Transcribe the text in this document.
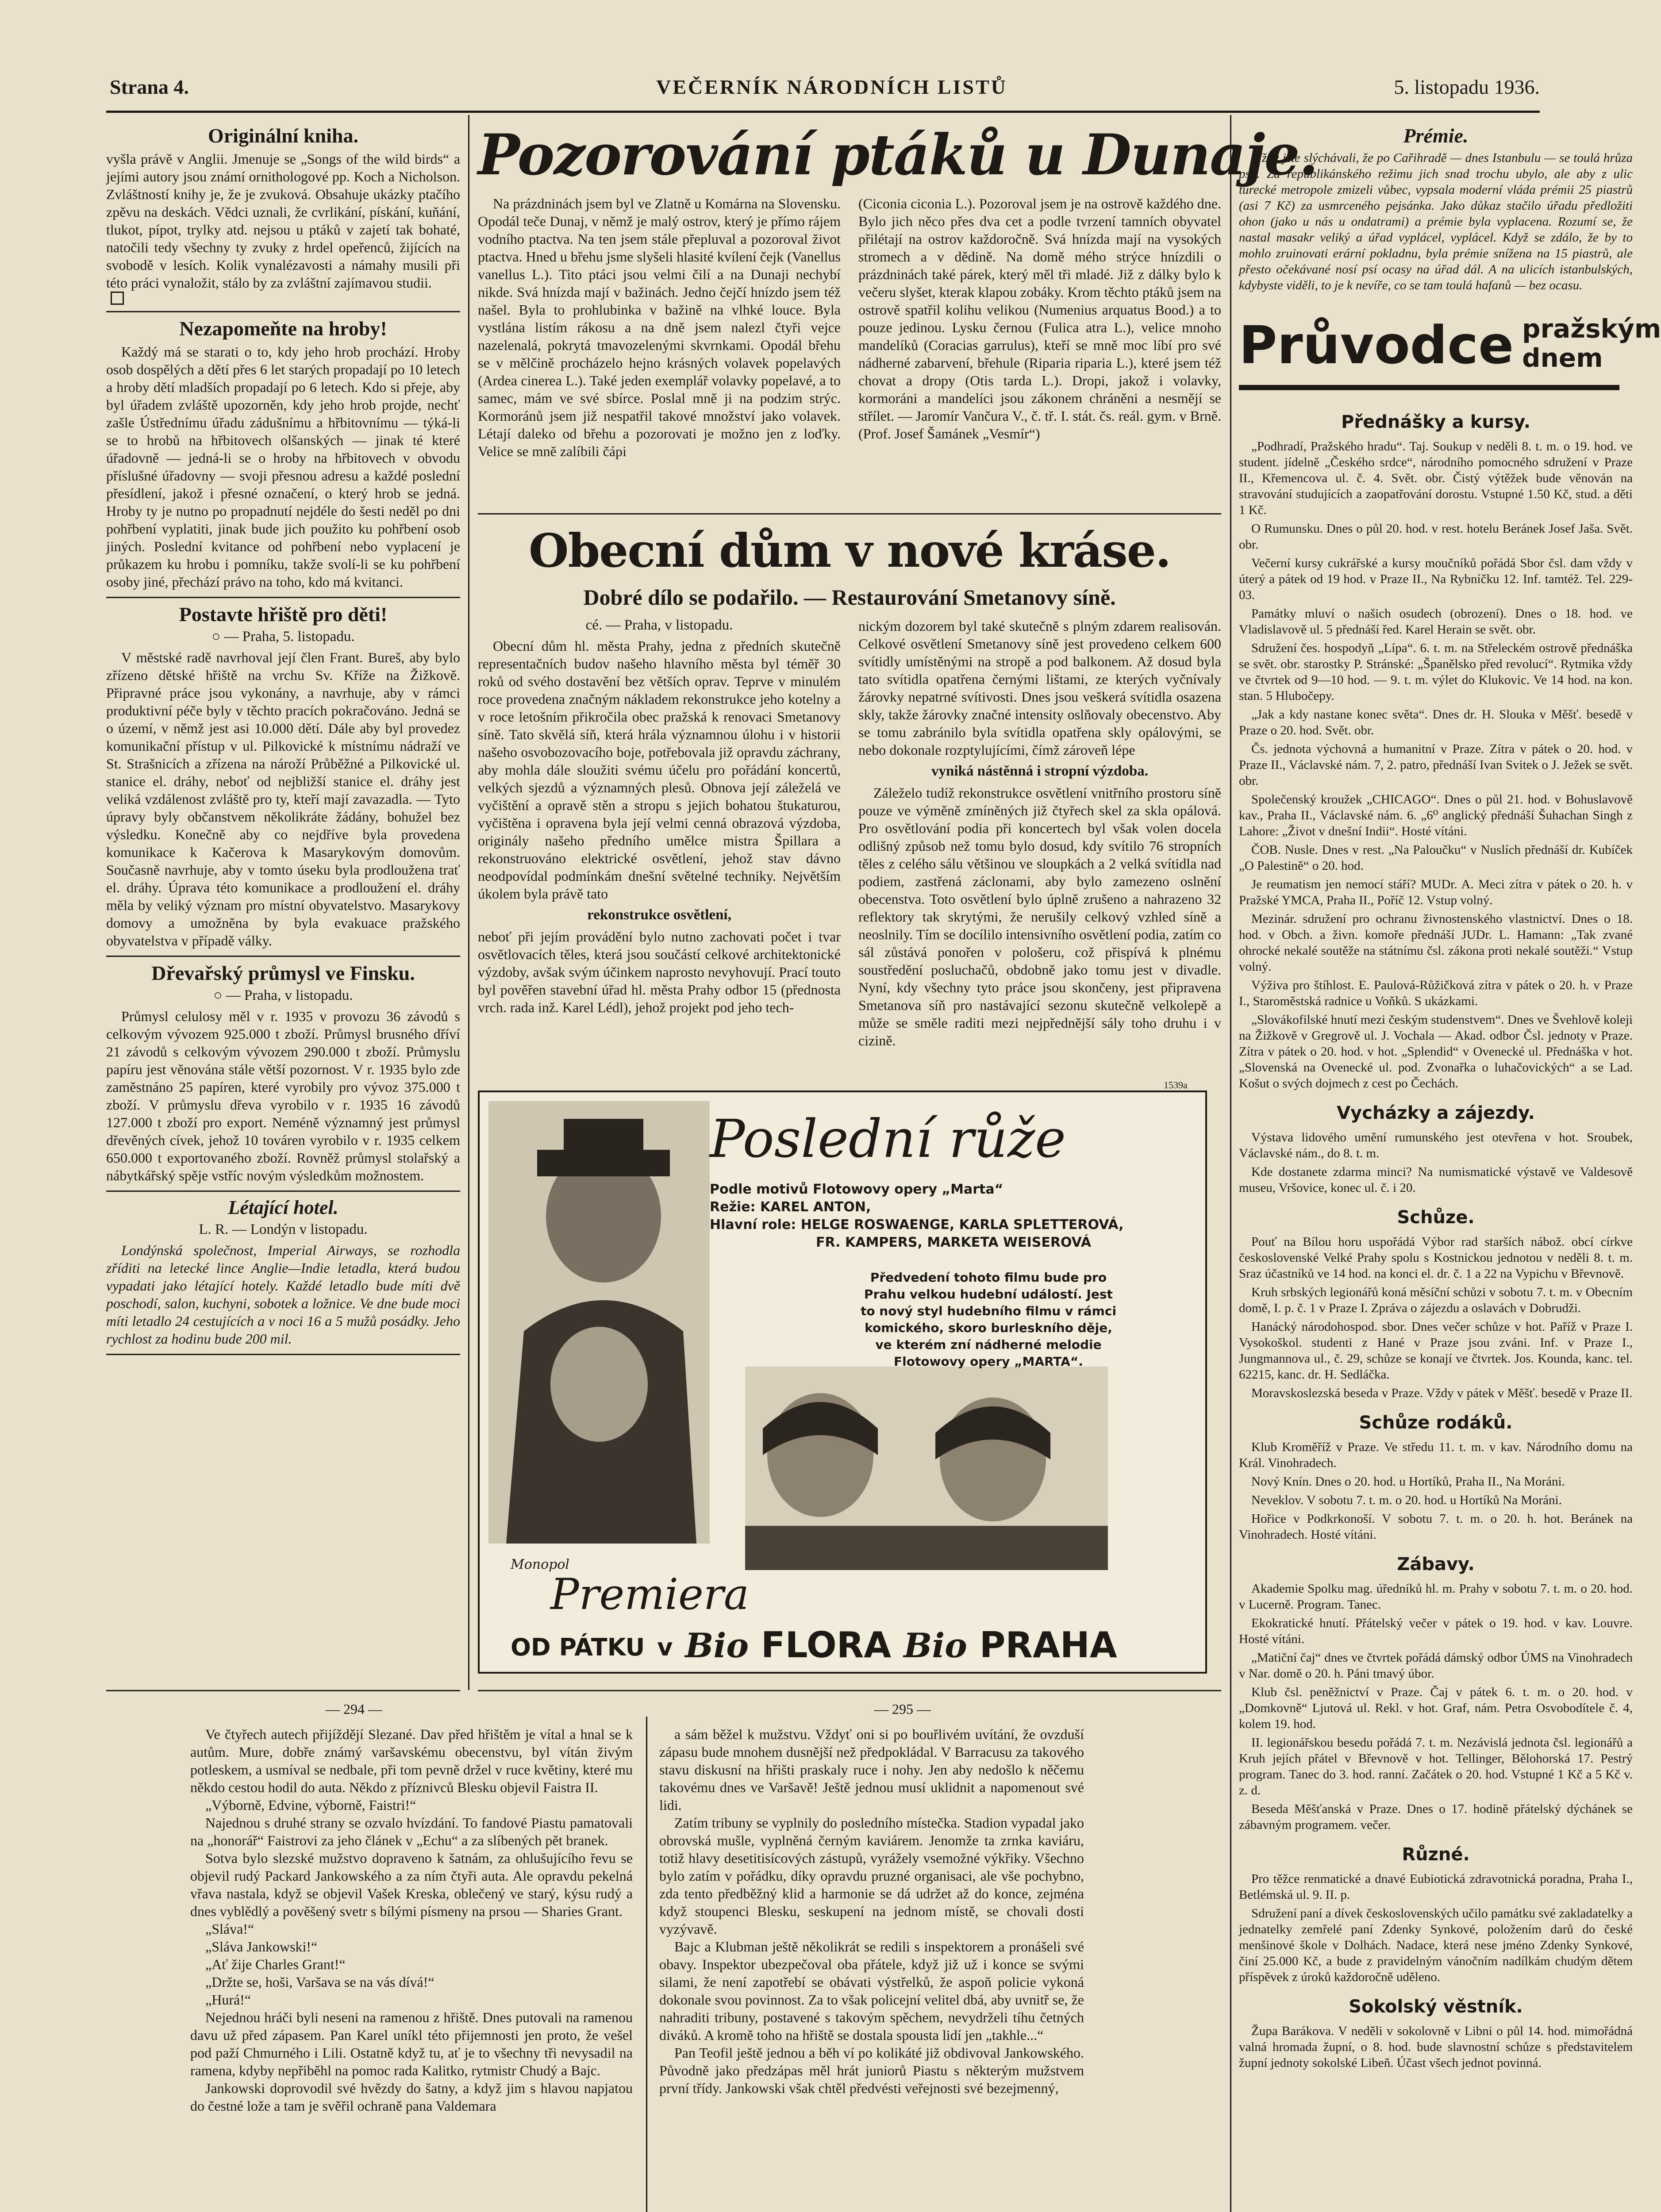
Strana 4.	VEČERNÍK NÁRODNÍCH LISTŮ	5. listopadu 1936.
Originální kniha.

vyšla právě v Anglii. Jmenuje se „Songs of the wild birds“ a jejími autory jsou známí ornithologové pp. Koch a Nicholson. Zvláštností knihy je, že je zvuková. Obsahuje ukázky ptačího zpěvu na deskách. Vědci uznali, že cvrlikání, pískání, kuňání, tlukot, pípot, trylky atd. nejsou u ptáků v zajetí tak bohaté, natočili tedy všechny ty zvuky z hrdel opeřenců, žijících na svobodě v lesích. Kolik vynalézavosti a námahy musili při této práci vynaložit, stálo by za zvláštní zajímavou studii.

Nezapomeňte na hroby!

Každý má se starati o to, kdy jeho hrob prochází. Hroby osob dospělých a dětí přes 6 let starých propadají po 10 letech a hroby dětí mladších propadají po 6 letech. Kdo si přeje, aby byl úřadem zvláště upozorněn, kdy jeho hrob projde, nechť zašle Ústřednímu úřadu zádušnímu a hřbitovnímu — týká-li se to hrobů na hřbitovech olšanských — jinak té které úřadovně — jedná-li se o hroby na hřbitovech v obvodu příslušné úřadovny — svoji přesnou adresu a každé poslední přesídlení, jakož i přesné označení, o který hrob se jedná. Hroby ty je nutno po propadnutí nejdéle do šesti neděl po dni pohřbení vyplatiti, jinak bude jich použito ku pohřbení osob jiných. Poslední kvitance od pohřbení nebo vyplacení je průkazem ku hrobu i pomníku, takže svolí-li se ku pohřbení osoby jiné, přechází právo na toho, kdo má kvitanci.

Postavte hřiště pro děti!
○ — Praha, 5. listopadu.

V městské radě navrhoval její člen Frant. Bureš, aby bylo zřízeno dětské hřiště na vrchu Sv. Kříže na Žižkově. Připravné práce jsou vykonány, a navrhuje, aby v rámci produktivní péče byly v těchto pracích pokračováno. Jedná se o území, v němž jest asi 10.000 dětí. Dále aby byl provedez komunikační přístup v ul. Pilkovické k místnímu nádraží ve St. Strašnicích a zřízena na nároží Průběžné a Pilkovické ul. stanice el. dráhy, neboť od nejbližší stanice el. dráhy jest veliká vzdálenost zvláště pro ty, kteří mají zavazadla. — Tyto úpravy byly občanstvem několikráte žádány, bohužel bez výsledku. Konečně aby co nejdříve byla provedena komunikace k Kačerova k Masarykovým domovům. Současně navrhuje, aby v tomto úseku byla prodloužena trať el. dráhy. Úprava této komunikace a prodloužení el. dráhy měla by veliký význam pro místní obyvatelstvo. Masarykovy domovy a umožněna by byla evakuace pražského obyvatelstva v případě války.

Dřevařský průmysl ve Finsku.
○ — Praha, v listopadu.

Průmysl celulosy měl v r. 1935 v provozu 36 závodů s celkovým vývozem 925.000 t zboží. Průmysl brusného dříví 21 závodů s celkovým vývozem 290.000 t zboží. Průmyslu papíru jest věnována stále větší pozornost. V r. 1935 bylo zde zaměstnáno 25 papíren, které vyrobily pro vývoz 375.000 t zboží. V průmyslu dřeva vyrobilo v r. 1935 16 závodů 127.000 t zboží pro export. Neméně významný jest průmysl dřevěných cívek, jehož 10 továren vyrobilo v r. 1935 celkem 650.000 t exportovaného zboží. Rovněž průmysl stolařský a nábytkářský spěje vstříc novým výsledkům možnostem.

Létající hotel.
L. R. — Londýn v listopadu.

Londýnská společnost, Imperial Airways, se rozhodla zříditi na letecké lince Anglie—Indie letadla, která budou vypadati jako létající hotely. Každé letadlo bude míti dvě poschodí, salon, kuchyni, sobotek a ložnice. Ve dne bude moci míti letadlo 24 cestujících a v noci 16 a 5 mužů posádky. Jeho rychlost za hodinu bude 200 mil.

Pozorování ptáků u Dunaje.

Na prázdninách jsem byl ve Zlatně u Komárna na Slovensku. Opodál teče Dunaj, v němž je malý ostrov, který je přímo rájem vodního ptactva. Na ten jsem stále přepluval a pozoroval život ptactva. Hned u břehu jsme slyšeli hlasité kvílení čejk (Vanellus vanellus L.). Tito ptáci jsou velmi čilí a na Dunaji nechybí nikde. Svá hnízda mají v bažinách. Jedno čejčí hnízdo jsem též našel. Byla to prohlubinka v bažině na vlhké louce. Byla vystlána listím rákosu a na dně jsem nalezl čtyři vejce nazelenalá, pokrytá tmavozelenými skvrnkami. Opodál břehu se v mělčině procházelo hejno krásných volavek popelavých (Ardea cinerea L.). Také jeden exemplář volavky popelavé, a to samec, mám ve své sbírce. Poslal mně ji na podzim strýc. Kormoránů jsem již nespatřil takové množství jako volavek. Létají daleko od břehu a pozorovati je možno jen z loďky. Velice se mně zalíbili čápi

(Ciconia ciconia L.). Pozoroval jsem je na ostrově každého dne. Bylo jich něco přes dva cet a podle tvrzení tamních obyvatel přilétají na ostrov každoročně. Svá hnízda mají na vysokých stromech a v dědině. Na domě mého strýce hnízdili o prázdninách také párek, který měl tři mladé. Již z dálky bylo k večeru slyšet, kterak klapou zobáky. Krom těchto ptáků jsem na ostrově spatřil kolihu velikou (Numenius arquatus Bood.) a to pouze jedinou. Lysku černou (Fulica atra L.), velice mnoho mandelíků (Coracias garrulus), kteří se mně moc líbí pro své nádherné zabarvení, břehule (Riparia riparia L.), které jsem též chovat a dropy (Otis tarda L.). Dropi, jakož i volavky, kormoráni a mandelíci jsou zákonem chráněni a nesmějí se střílet. — Jaromír Vančura V., č. tř. I. stát. čs. reál. gym. v Brně. (Prof. Josef Šamánek „Vesmír“)

Obecní dům v nové kráse.
Dobré dílo se podařilo. — Restaurování Smetanovy síně.
cé. — Praha, v listopadu.

Obecní dům hl. města Prahy, jedna z předních skutečně representačních budov našeho hlavního města byl téměř 30 roků od svého dostavění bez větších oprav. Teprve v minulém roce provedena značným nákladem rekonstrukce jeho kotelny a v roce letošním přikročila obec pražská k renovaci Smetanovy síně. Tato skvělá síň, která hrála významnou úlohu i v historii našeho osvobozovacího boje, potřebovala již opravdu záchrany, aby mohla dále sloužiti svému účelu pro pořádání koncertů, velkých sjezdů a významných plesů. Obnova její záleželá ve vyčištění a opravě stěn a stropu s jejich bohatou štukaturou, vyčištěna i opravena byla její velmi cenná obrazová výzdoba, originály našeho předního umělce mistra Špillara a rekonstruováno elektrické osvětlení, jehož stav dávno neodpovídal podmínkám dnešní světelné techniky. Největším úkolem byla právě tato

rekonstrukce osvětlení,

neboť při jejím provádění bylo nutno zachovati počet i tvar osvětlovacích těles, která jsou součástí celkové architektonické výzdoby, avšak svým účinkem naprosto nevyhovují. Prací touto byl pověřen stavební úřad hl. města Prahy odbor 15 (přednosta vrch. rada inž. Karel Lédl), jehož projekt pod jeho tech-

nickým dozorem byl také skutečně s plným zdarem realisován. Celkové osvětlení Smetanovy síně jest provedeno celkem 600 svítidly umístěnými na stropě a pod balkonem. Až dosud byla tato svítidla opatřena černými lištami, ze kterých vyčnívaly žárovky nepatrné svítivosti. Dnes jsou veškerá svítidla osazena skly, takže žárovky značné intensity oslňovaly obecenstvo. Aby se tomu zabránilo byla svítidla opatřena skly opálovými, se nebo dokonale rozptylujícími, čímž zároveň lépe

vyniká nástěnná i stropní výzdoba.

Záleželo tudíž rekonstrukce osvětlení vnitřního prostoru síně pouze ve výměně zmíněných již čtyřech skel za skla opálová. Pro osvětlování podia při koncertech byl však volen docela odlišný způsob než tomu bylo dosud, kdy svítilo 76 stropních těles z celého sálu většinou ve sloupkách a 2 velká svítidla nad podiem, zastřená záclonami, aby bylo zamezeno oslnění obecenstva. Toto osvětlení bylo úplně zrušeno a nahrazeno 32 reflektory tak skrytými, že nerušily celkový vzhled síně a neoslnily. Tím se docílilo intensivního osvětlení podia, zatím co sál zůstává ponořen v pološeru, což přispívá k plnému soustředění posluchačů, obdobně jako tomu jest v divadle. Nyní, kdy všechny tyto práce jsou skončeny, jest připravena Smetanova síň pro nastávající sezonu skutečně velkolepě a může se směle raditi mezi nejpřednější sály toho druhu i v cizině.

1539a
Poslední růže
Podle motivů Flotowovy opery „Marta“
Režie: KAREL ANTON,
Hlavní role: HELGE ROSWAENGE, KARLA SPLETTEROVÁ,
FR. KAMPERS, MARKETA WEISEROVÁ
Předvedení tohoto filmu bude pro Prahu velkou hudební událostí. Jest to nový styl hudebního filmu v rámci komického, skoro burleskního děje, ve kterém zní nádherné melodie Flotowovy opery „MARTA“.
Monopol
Premiera
OD PÁTKU v Bio FLORA Bio PRAHA
Prémie.

Vždy jste slýchávali, že po Cařihradě — dnes Istanbulu — se toulá hrůza psů. Za republikánského režimu jich snad trochu ubylo, ale aby z ulic turecké metropole zmizeli vůbec, vypsala moderní vláda prémii 25 piastrů (asi 7 Kč) za usmrceného pejsánka. Jako důkaz stačilo úřadu předložiti ohon (jako u nás u ondatrami) a prémie byla vyplacena. Rozumí se, že nastal masakr veliký a úřad vyplácel, vyplácel. Když se zdálo, že by to mohlo zruinovati erární pokladnu, byla prémie snížena na 15 piastrů, ale přesto očekávané nosí psí ocasy na úřad dál. A na ulicích istanbulských, kdybyste viděli, to je k nevíře, co se tam toulá hafanů — bez ocasu.

Průvodce pražským dnem
Přednášky a kursy.

„Podhradí, Pražského hradu“. Taj. Soukup v neděli 8. t. m. o 19. hod. ve student. jídelně „Českého srdce“, národního pomocného sdružení v Praze II., Křemencova ul. č. 4. Svět. obr. Čistý výtěžek bude věnován na stravování studujících a zaopatřování dorostu. Vstupné 1.50 Kč, stud. a děti 1 Kč.

O Rumunsku. Dnes o půl 20. hod. v rest. hotelu Beránek Josef Jaša. Svět. obr.

Večerní kursy cukrářské a kursy moučníků pořádá Sbor čsl. dam vždy v úterý a pátek od 19 hod. v Praze II., Na Rybníčku 12. Inf. tamtéž. Tel. 229-03.

Památky mluví o našich osudech (obrození). Dnes o 18. hod. ve Vladislavově ul. 5 přednáší řed. Karel Herain se svět. obr.

Sdružení čes. hospodyň „Lípa“. 6. t. m. na Střeleckém ostrově přednáška se svět. obr. starostky P. Stránské: „Španělsko před revolucí“. Rytmika vždy ve čtvrtek od 9—10 hod. — 9. t. m. výlet do Klukovic. Ve 14 hod. na kon. stan. 5 Hlubočepy.

„Jak a kdy nastane konec světa“. Dnes dr. H. Slouka v Měšť. besedě v Praze o 20. hod. Svět. obr.

Čs. jednota výchovná a humanitní v Praze. Zítra v pátek o 20. hod. v Praze II., Václavské nám. 7, 2. patro, přednáší Ivan Svitek o J. Ježek se svět. obr.

Společenský kroužek „CHICAGO“. Dnes o půl 21. hod. v Bohuslavově kav., Praha II., Václavské nám. 6. „6⁰ anglický přednáší Šuhachan Singh z Lahore: „Život v dnešní Indii“. Hosté vítáni.

ČOB. Nusle. Dnes v rest. „Na Paloučku“ v Nuslích přednáší dr. Kubíček „O Palestině“ o 20. hod.

Je reumatism jen nemocí stáří? MUDr. A. Meci zítra v pátek o 20. h. v Pražské YMCA, Praha II., Poříč 12. Vstup volný.

Mezinár. sdružení pro ochranu živnostenského vlastnictví. Dnes o 18. hod. v Obch. a živn. komoře přednáší JUDr. L. Hamann: „Tak zvané ohrocké nekalé soutěže na státnímu čsl. zákona proti nekalé soutěži.“ Vstup volný.

Výživa pro štíhlost. E. Paulová-Růžičková zítra v pátek o 20. h. v Praze I., Staroměstská radnice u Voňků. S ukázkami.

„Slovákofilské hnutí mezi českým studenstvem“. Dnes ve Švehlově koleji na Žižkově v Gregrově ul. J. Vochala — Akad. odbor Čsl. jednoty v Praze. Zítra v pátek o 20. hod. v hot. „Splendid“ v Ovenecké ul. Přednáška v hot. „Slovenská na Ovenecké ul. pod. Zvonařka o luhačovických“ a se Lad. Košut o svých dojmech z cest po Čechách.

Vycházky a zájezdy.

Výstava lidového umění rumunského jest otevřena v hot. Sroubek, Václavské nám., do 8. t. m.

Kde dostanete zdarma minci? Na numismatické výstavě ve Valdesově museu, Vršovice, konec ul. č. i 20.

Schůze.

Pouť na Bílou horu uspořádá Výbor rad starších nábož. obcí církve československé Velké Prahy spolu s Kostnickou jednotou v neděli 8. t. m. Sraz účastníků ve 14 hod. na konci el. dr. č. 1 a 22 na Vypichu v Břevnově.

Kruh srbských legionářů koná měsíční schůzi v sobotu 7. t. m. v Obecním domě, I. p. č. 1 v Praze I. Zpráva o zájezdu a oslavách v Dobrudži.

Hanácký národohospod. sbor. Dnes večer schůze v hot. Paříž v Praze I. Vysokoškol. studenti z Hané v Praze jsou zváni. Inf. v Praze I., Jungmannova ul., č. 29, schůze se konají ve čtvrtek. Jos. Kounda, kanc. tel. 62215, kanc. dr. H. Sedláčka.

Moravskoslezská beseda v Praze. Vždy v pátek v Měšť. besedě v Praze II.

Schůze rodáků.

Klub Kroměříž v Praze. Ve středu 11. t. m. v kav. Národního domu na Král. Vinohradech.

Nový Knín. Dnes o 20. hod. u Hortíků, Praha II., Na Moráni.

Neveklov. V sobotu 7. t. m. o 20. hod. u Hortíků Na Moráni.

Hořice v Podkrkonoší. V sobotu 7. t. m. o 20. h. hot. Beránek na Vinohradech. Hosté vítáni.

Zábavy.

Akademie Spolku mag. úředníků hl. m. Prahy v sobotu 7. t. m. o 20. hod. v Lucerně. Program. Tanec.

Ekokratické hnutí. Přátelský večer v pátek o 19. hod. v kav. Louvre. Hosté vítáni.

„Matiční čaj“ dnes ve čtvrtek pořádá dámský odbor ÚMS na Vinohradech v Nar. domě o 20. h. Páni tmavý úbor.

Klub čsl. peněžnictví v Praze. Čaj v pátek 6. t. m. o 20. hod. v „Domkovně“ Ljutová ul. Rekl. v hot. Graf, nám. Petra Osvobodítele č. 4, kolem 19. hod.

II. legionářskou besedu pořádá 7. t. m. Nezávislá jednota čsl. legionářů a Kruh jejích přátel v Břevnově v hot. Tellinger, Bělohorská 17. Pestrý program. Tanec do 3. hod. ranní. Začátek o 20. hod. Vstupné 1 Kč a 5 Kč v. z. d.

Beseda Měšťanská v Praze. Dnes o 17. hodině přátelský dýchánek se zábavným programem. večer.

Různé.

Pro těžce renmatické a dnavé Eubiotická zdravotnická poradna, Praha I., Betlémská ul. 9. II. p.

Sdružení paní a dívek československých učilo památku své zakladatelky a jednatelky zemřelé paní Zdenky Synkové, položením darů do české menšinové škole v Dolhách. Nadace, která nese jméno Zdenky Synkové, činí 25.000 Kč, a bude z pravidelným vánočním nadílkám chudým dětem příspěvek z úroků každoročně uděleno.

Sokolský věstník.

Župa Barákova. V neděli v sokolovně v Libni o půl 14. hod. mimořádná valná hromada župní, o 8. hod. bude slavnostní schůze s představitelem župní jednoty sokolské Libeň. Účast všech jednot povinná.

— 294 —	— 295 —

Ve čtyřech autech přijíždějí Slezané. Dav před hřištěm je vítal a hnal se k autům. Mure, dobře známý varšavskému obecenstvu, byl vítán živým potleskem, a usmíval se nedbale, při tom pevně držel v ruce květiny, které mu někdo cestou hodil do auta. Někdo z příznivců Blesku objevil Faistra II.

„Výborně, Edvine, výborně, Faistri!“

Najednou s druhé strany se ozvalo hvízdání. To fandové Piastu pamatovali na „honorář“ Faistrovi za jeho článek v „Echu“ a za slíbených pět branek.

Sotva bylo slezské mužstvo dopraveno k šatnám, za ohlušujícího řevu se objevil rudý Packard Jankowského a za ním čtyři auta. Ale opravdu pekelná vřava nastala, když se objevil Vašek Kreska, oblečený ve starý, kýsu rudý a dnes vyblědlý a pověšený svetr s bílými písmeny na prsou — Sharies Grant.

„Sláva!“

„Sláva Jankowski!“

„Ať žije Charles Grant!“

„Držte se, hoši, Varšava se na vás dívá!“

„Hurá!“

Nejednou hráči byli neseni na ramenou z hřiště. Dnes putovali na ramenou davu už před zápasem. Pan Karel uníkl této přijemnosti jen proto, že vešel pod paží Chmurného i Lili. Ostatně když tu, ať je to všechny tři nevysadil na ramena, kdyby nepřiběhl na pomoc rada Kalitko, rytmistr Chudý a Bajc.

Jankowski doprovodil své hvězdy do šatny, a když jim s hlavou napjatou do čestné lože a tam je svěřil ochraně pana Valdemara

a sám běžel k mužstvu. Vždyť oni si po bouřlivém uvítání, že ovzduší zápasu bude mnohem dusnější než předpokládal. V Barracusu za takového stavu diskusní na hřišti praskaly ruce i nohy. Jen aby nedošlo k něčemu takovému dnes ve Varšavě! Ještě jednou musí uklidnit a napomenout své lidi.

Zatím tribuny se vyplnily do posledního místečka. Stadion vypadal jako obrovská mušle, vyplněná černým kaviárem. Jenomže ta zrnka kaviáru, totiž hlavy desetitisícových zástupů, vyrážely vsemožné výkřiky. Všechno bylo zatím v pořádku, díky opravdu pruzné organisaci, ale vše pochybno, zda tento předběžný klid a harmonie se dá udržet až do konce, zejména když stoupenci Blesku, seskupení na jednom místě, se chovali dosti vyzývavě.

Bajc a Klubman ještě několikrát se redili s inspektorem a pronášeli své obavy. Inspektor ubezpečoval oba přátele, když již už i konce se svými silami, že není zapotřebí se obávati výstřelků, že aspoň policie vykoná dokonale svou povinnost. Za to však policejní velitel dbá, aby uvnitř se, že nahraditi tribuny, postavené s takovým spěchem, nevydrželi tíhu četných diváků. A kromě toho na hřiště se dostala spousta lidí jen „takhle...“

Pan Teofil ještě jednou a běh ví po kolikáté již obdivoval Jankowského. Původně jako předzápas měl hrát juniorů Piastu s některým mužstvem první třídy. Jankowski však chtěl předvésti veřejnosti své bezejmenný,
